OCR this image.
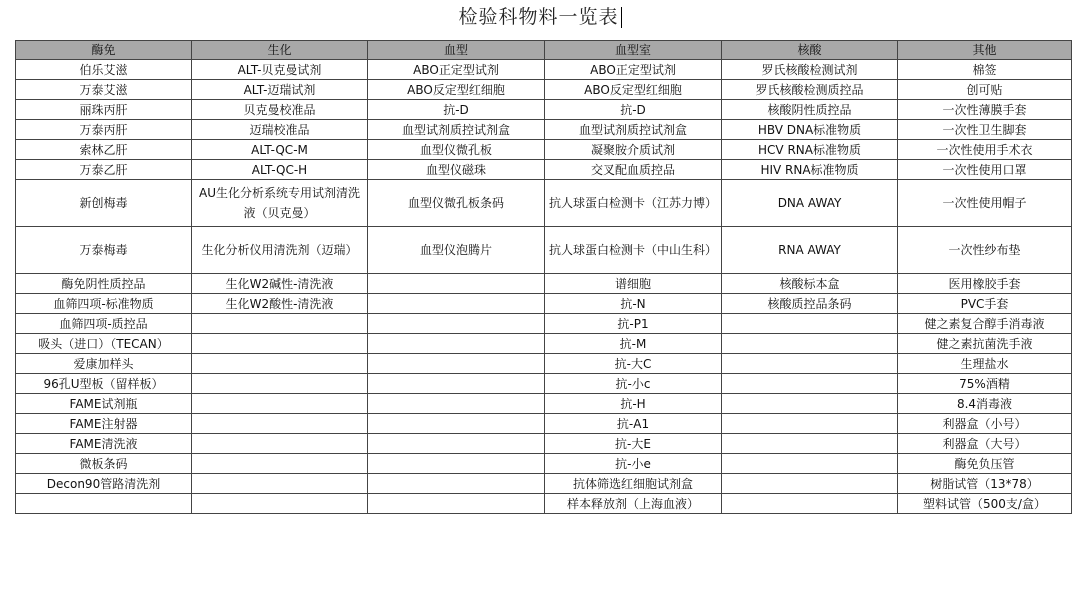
检验科物料一览表
酶免	生化	血型	血型室	核酸	其他
伯乐艾滋	ALT-贝克曼试剂	ABO正定型试剂	ABO正定型试剂	罗氏核酸检测试剂	棉签
万泰艾滋	ALT-迈瑞试剂	ABO反定型红细胞	ABO反定型红细胞	罗氏核酸检测质控品	创可贴
丽珠丙肝	贝克曼校准品	抗-D	抗-D	核酸阴性质控品	一次性薄膜手套
万泰丙肝	迈瑞校准品	血型试剂质控试剂盒	血型试剂质控试剂盒	HBV DNA标准物质	一次性卫生脚套
索林乙肝	ALT-QC-M	血型仪微孔板	凝聚胺介质试剂	HCV RNA标准物质	一次性使用手术衣
万泰乙肝	ALT-QC-H	血型仪磁珠	交叉配血质控品	HIV RNA标准物质	一次性使用口罩
新创梅毒	AU生化分析系统专用试剂清洗液（贝克曼）	血型仪微孔板条码	抗人球蛋白检测卡（江苏力博）	DNA AWAY	一次性使用帽子
万泰梅毒	生化分析仪用清洗剂（迈瑞）	血型仪泡腾片	抗人球蛋白检测卡（中山生科）	RNA AWAY	一次性纱布垫
酶免阴性质控品	生化W2碱性-清洗液		谱细胞	核酸标本盒	医用橡胶手套
血筛四项-标准物质	生化W2酸性-清洗液		抗-N	核酸质控品条码	PVC手套
血筛四项-质控品			抗-P1		健之素复合醇手消毒液
吸头（进口）（TECAN）			抗-M		健之素抗菌洗手液
爱康加样头			抗-大C		生理盐水
96孔U型板（留样板）			抗-小c		75%酒精
FAME试剂瓶			抗-H		8.4消毒液
FAME注射器			抗-A1		利器盒（小号）
FAME清洗液			抗-大E		利器盒（大号）
微板条码			抗-小e		酶免负压管
Decon90管路清洗剂			抗体筛选红细胞试剂盒		树脂试管（13*78）
			样本释放剂（上海血液）		塑料试管（500支/盒）
